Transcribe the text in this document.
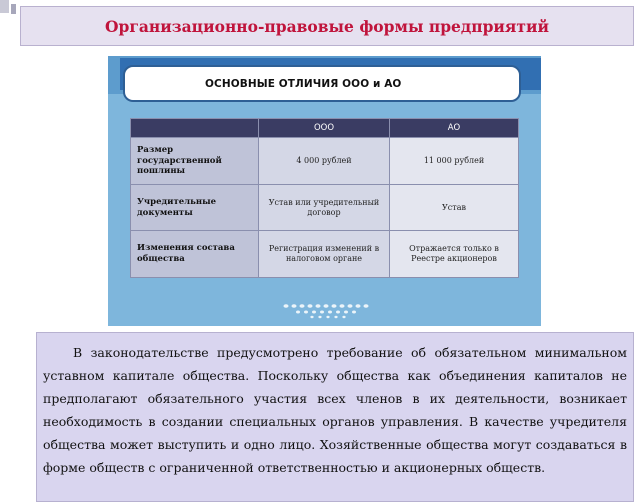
Организационно-правовые формы предприятий
ОСНОВНЫЕ ОТЛИЧИЯ ООО и АО
	ООО	АО
Размер государственной пошлины	4 000 рублей	11 000 рублей
Учредительные документы	Устав или учредительный договор	Устав
Изменения состава общества	Регистрация изменений в налоговом органе	Отражается только в Реестре акционеров

В законодательстве предусмотрено требование об обязательном минимальном уставном капитале общества. Поскольку общества как объединения капиталов не предполагают обязательного участия всех членов в их деятельности, возникает необходимость в создании специальных органов управления. В качестве учредителя общества может выступить и одно лицо. Хозяйственные общества могут создаваться в форме обществ с ограниченной ответственностью и акционерных обществ.
